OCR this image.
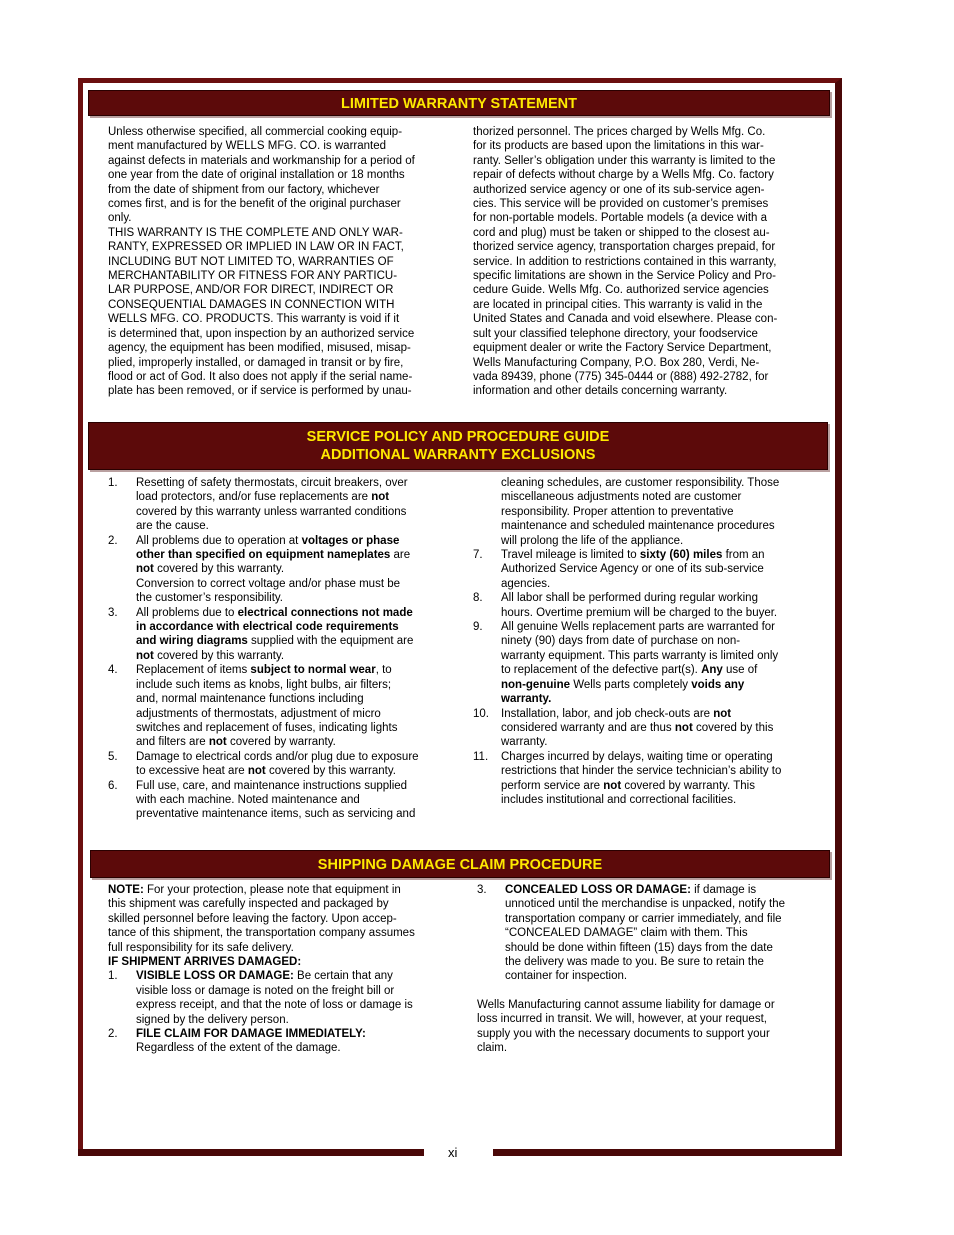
xi
LIMITED WARRANTY STATEMENT
Unless otherwise specified, all commercial cooking equip-
ment manufactured by WELLS MFG. CO. is warranted
against defects in materials and workmanship for a period of
one year from the date of original installation or 18 months
from the date of shipment from our factory, whichever
comes first, and is for the benefit of the original purchaser
only.
THIS WARRANTY IS THE COMPLETE AND ONLY WAR-
RANTY, EXPRESSED OR IMPLIED IN LAW OR IN FACT,
INCLUDING BUT NOT LIMITED TO, WARRANTIES OF
MERCHANTABILITY OR FITNESS FOR ANY PARTICU-
LAR PURPOSE, AND/OR FOR DIRECT, INDIRECT OR
CONSEQUENTIAL DAMAGES IN CONNECTION WITH
WELLS MFG. CO. PRODUCTS. This warranty is void if it
is determined that, upon inspection by an authorized service
agency, the equipment has been modified, misused, misap-
plied, improperly installed, or damaged in transit or by fire,
flood or act of God. It also does not apply if the serial name-
plate has been removed, or if service is performed by unau-
thorized personnel. The prices charged by Wells Mfg. Co.
for its products are based upon the limitations in this war-
ranty. Seller’s obligation under this warranty is limited to the
repair of defects without charge by a Wells Mfg. Co. factory
authorized service agency or one of its sub-service agen-
cies. This service will be provided on customer’s premises
for non-portable models. Portable models (a device with a
cord and plug) must be taken or shipped to the closest au-
thorized service agency, transportation charges prepaid, for
service. In addition to restrictions contained in this warranty,
specific limitations are shown in the Service Policy and Pro-
cedure Guide. Wells Mfg. Co. authorized service agencies
are located in principal cities. This warranty is valid in the
United States and Canada and void elsewhere. Please con-
sult your classified telephone directory, your foodservice
equipment dealer or write the Factory Service Department,
Wells Manufacturing Company, P.O. Box 280, Verdi, Ne-
vada 89439, phone (775) 345-0444 or (888) 492-2782, for
information and other details concerning warranty.
SERVICE POLICY AND PROCEDURE GUIDE
ADDITIONAL WARRANTY EXCLUSIONS
1. Resetting of safety thermostats, circuit breakers, over
load protectors, and/or fuse replacements are not
covered by this warranty unless warranted conditions
are the cause.
2. All problems due to operation at voltages or phase
other than specified on equipment nameplates are
not covered by this warranty.
Conversion to correct voltage and/or phase must be
the customer’s responsibility.
3. All problems due to electrical connections not made
in accordance with electrical code requirements
and wiring diagrams supplied with the equipment are
not covered by this warranty.
4. Replacement of items subject to normal wear, to
include such items as knobs, light bulbs, air filters;
and, normal maintenance functions including
adjustments of thermostats, adjustment of micro
switches and replacement of fuses, indicating lights
and filters are not covered by warranty.
5. Damage to electrical cords and/or plug due to exposure
to excessive heat are not covered by this warranty.
6. Full use, care, and maintenance instructions supplied
with each machine. Noted maintenance and
preventative maintenance items, such as servicing and
cleaning schedules, are customer responsibility. Those
miscellaneous adjustments noted are customer
responsibility. Proper attention to preventative
maintenance and scheduled maintenance procedures
will prolong the life of the appliance.
7. Travel mileage is limited to sixty (60) miles from an
Authorized Service Agency or one of its sub-service
agencies.
8. All labor shall be performed during regular working
hours. Overtime premium will be charged to the buyer.
9. All genuine Wells replacement parts are warranted for
ninety (90) days from date of purchase on non-
warranty equipment. This parts warranty is limited only
to replacement of the defective part(s). Any use of
non-genuine Wells parts completely voids any
warranty.
10. Installation, labor, and job check-outs are not
considered warranty and are thus not covered by this
warranty.
11. Charges incurred by delays, waiting time or operating
restrictions that hinder the service technician’s ability to
perform service are not covered by warranty. This
includes institutional and correctional facilities.
SHIPPING DAMAGE CLAIM PROCEDURE
NOTE: For your protection, please note that equipment in
this shipment was carefully inspected and packaged by
skilled personnel before leaving the factory. Upon accep-
tance of this shipment, the transportation company assumes
full responsibility for its safe delivery.
IF SHIPMENT ARRIVES DAMAGED:
1. VISIBLE LOSS OR DAMAGE: Be certain that any
visible loss or damage is noted on the freight bill or
express receipt, and that the note of loss or damage is
signed by the delivery person.
2. FILE CLAIM FOR DAMAGE IMMEDIATELY:
Regardless of the extent of the damage.
3. CONCEALED LOSS OR DAMAGE: if damage is
unnoticed until the merchandise is unpacked, notify the
transportation company or carrier immediately, and file
“CONCEALED DAMAGE” claim with them. This
should be done within fifteen (15) days from the date
the delivery was made to you. Be sure to retain the
container for inspection.
Wells Manufacturing cannot assume liability for damage or
loss incurred in transit. We will, however, at your request,
supply you with the necessary documents to support your
claim.
